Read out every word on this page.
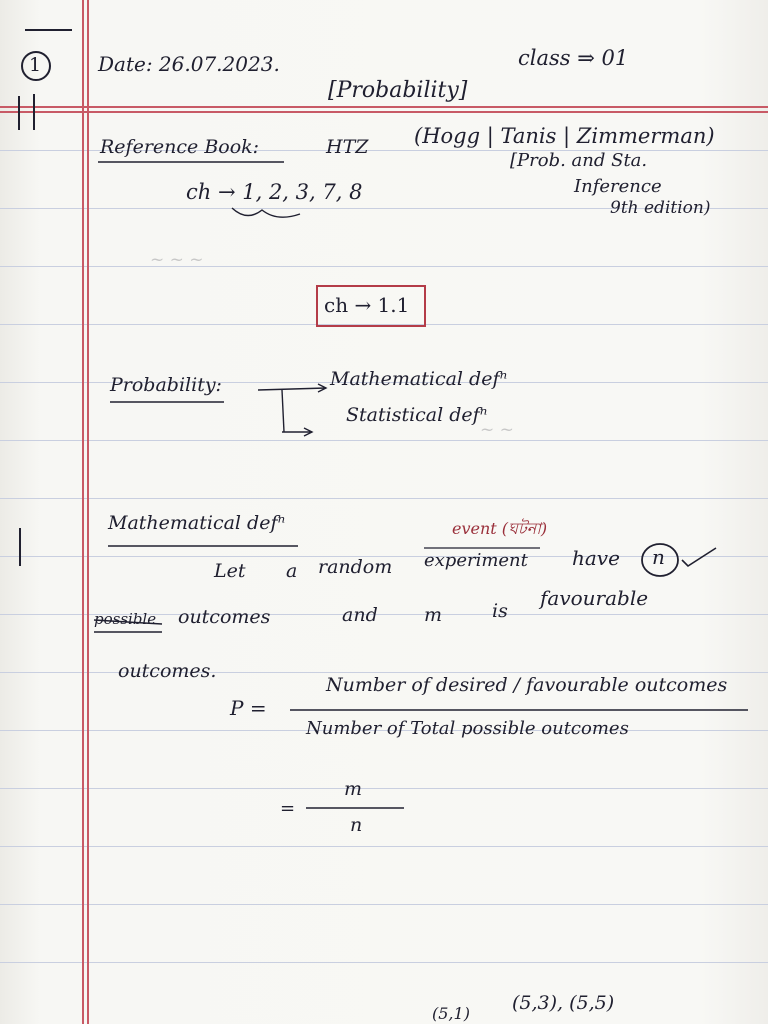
1	Date: 26.07.2023.	class ⇒ 01
[Probability]
Reference Book:	HTZ (Hogg | Tanis | Zimmerman)
[Prob. and Sta.
Inference
9th edition)
ch → 1, 2, 3, 7, 8
~ ~ ~
~ ~
ch → 1.1
Probability:	Mathematical defⁿ
Statistical defⁿ
Mathematical defⁿ	event (ঘটনা)
Let a random experiment have n
possible outcomes	and m	is
favourable
outcomes.
P =
Number of desired / favourable outcomes
Number of Total possible outcomes
=
m
n
(5,3), (5,5)
(5,1)
